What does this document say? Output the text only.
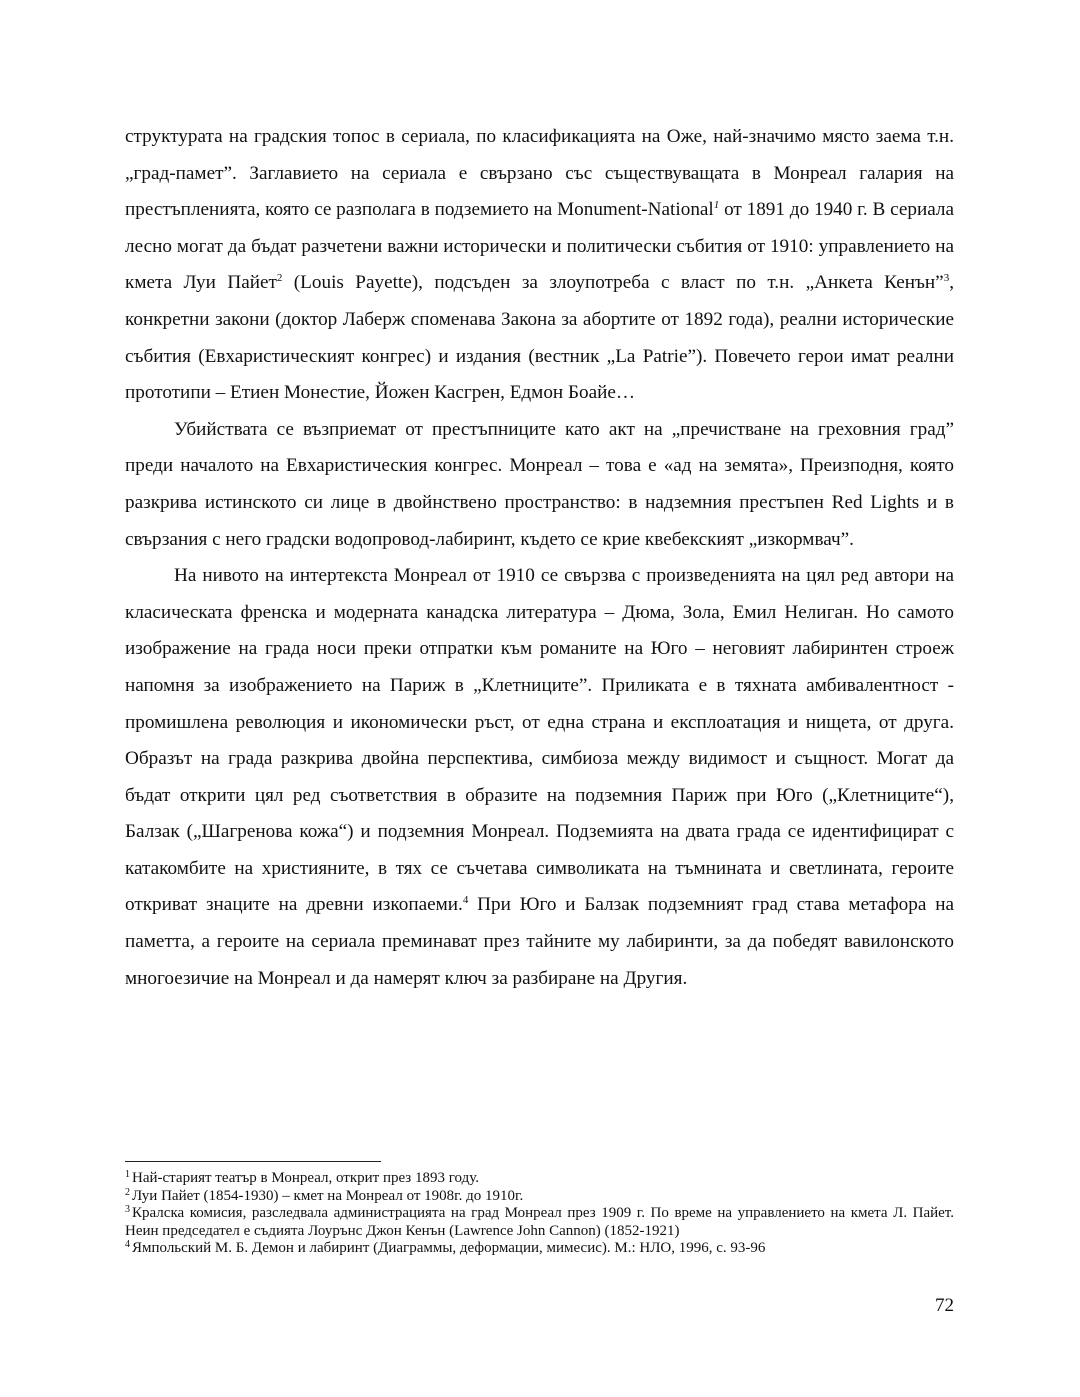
структурата на градския топос в сериала, по класификацията на Оже, най-значимо място заема т.н. „град-памет”. Заглавието на сериала е свързано със съществуващата в Монреал галария на престъпленията, която се разполага в подземието на Monument-National$^1$ от 1891 до 1940 г. В сериала лесно могат да бъдат разчетени важни исторически и политически събития от 1910: управлението на кмета Луи Пайет$^2$ (Louis Payette), подсъден за злоупотреба с власт по т.н. „Анкета Кенън”$^3$, конкретни закони (доктор Лаберж споменава Закона за абортите от 1892 года), реални исторические събития (Евхаристическият конгрес) и издания (вестник „La Patrie”). Повечето герои имат реални прототипи – Етиен Монестие, Йожен Касгрен, Едмон Боайе…

Убийствата се възприемат от престъпниците като акт на „пречистване на греховния град” преди началото на Евхаристическия конгрес. Монреал – това е «ад на земята», Преизподня, която разкрива истинското си лице в двойнствено пространство: в надземния престъпен Red Lights и в свързания с него градски водопровод-лабиринт, където се крие квебекският „изкормвач”.

На нивото на интертекста Монреал от 1910 се свързва с произведенията на цял ред автори на класическата френска и модерната канадска литература – Дюма, Зола, Емил Нелиган. Но самото изображение на града носи преки отпратки към романите на Юго – неговият лабиринтен строеж напомня за изображението на Париж в „Клетниците”. Приликата е в тяхната амбивалентност - промишлена революция и икономически ръст, от една страна и експлоатация и нищета, от друга. Образът на града разкрива двойна перспектива, симбиоза между видимост и същност. Могат да бъдат открити цял ред съответствия в образите на подземния Париж при Юго („Клетниците“), Балзак („Шагренова кожа“) и подземния Монреал. Подземията на двата града се идентифицират с катакомбите на християните, в тях се съчетава символиката на тъмнината и светлината, героите откриват знаците на древни изкопаеми.$^4$ При Юго и Балзак подземният град става метафора на паметта, а героите на сериала преминават през тайните му лабиринти, за да победят вавилонското многоезичие на Монреал и да намерят ключ за разбиране на Другия.

$^1$ Най-старият театър в Монреал, открит през 1893 году.

$^2$ Луи Пайет (1854-1930) – кмет на Монреал от 1908г. до 1910г.

$^3$ Кралска комисия, разследвала администрацията на град Монреал през 1909 г. По време на управлението на кмета Л. Пайет. Неин председател е съдията Лоурънс Джон Кенън (Lawrence John Cannon) (1852-1921)

$^4$ Ямпольский М. Б. Демон и лабиринт (Диаграммы, деформации, мимесис). М.: НЛО, 1996, с. 93-96

72
